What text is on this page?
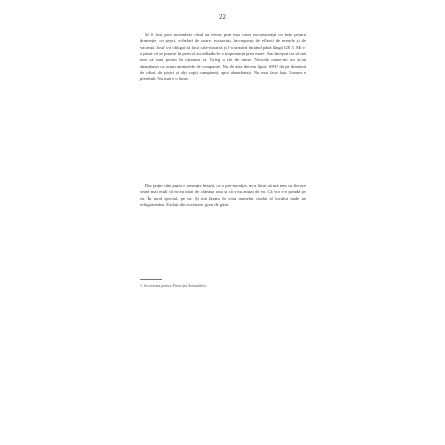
22

Și fi fost prin noiembrie când au trecut prin fața casei excursioniști cu bețe pentru drumeție, cu șepci, ochelari de soare, rucsacuri, înconjurați de efluvii de mesele și de vacanță. Iosif s-a obligat să facă cale-ntoarsă și l-a urmărit întrând până lângă GR 5. Mi s-a părut că se pusese în pericol acordându-le o importanță prea mare. Am început iar să mă tem că sunt pornit în căutarea ei. Grieg a râs de mine: Nicioda oame-nii nu și-au abandonat ca acum animalele de companie. Nu de asta ducem lipsă. SPA¹ dă pe dinafară de câini, de pisici și alți copii cumpărați, apoi abandonați. Nu mai face fața. Lumea e pierdută. Nu mai e o lume.

Dar puțin câte puțin o senzație bizară, ca o pre-moniție, m-a făcut să mă tem cu fiecare seară mai mult că m-au uitat de cățeaua asta și că s-au atașat de ea. Că vor s-o prindă pe ea. În mod special, pe ea. Și mă lăsam în voia numelui ciudat al locului unde ne refugiaserăm. Exilați din societate, greu de găsit.

1. Societatea pentru Protecția Animalelor.
